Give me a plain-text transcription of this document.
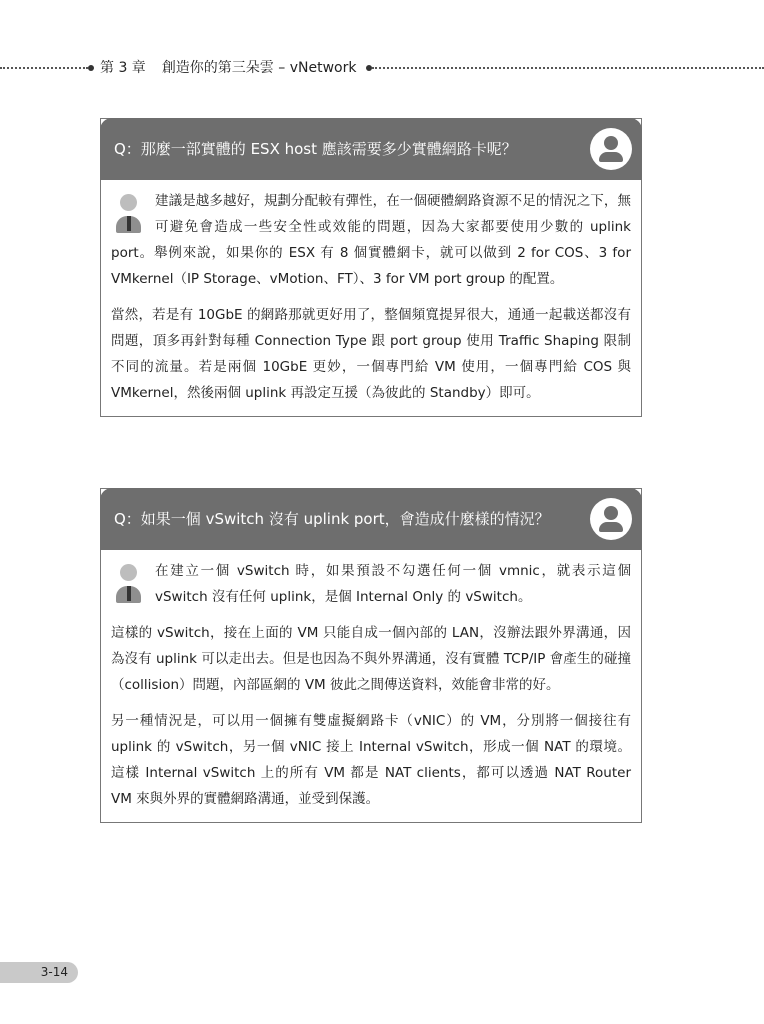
第 3 章 創造你的第三朵雲 – vNetwork
Q：那麼一部實體的 ESX host 應該需要多少實體網路卡呢？

建議是越多越好，規劃分配較有彈性，在一個硬體網路資源不足的情況之下，無可避免會造成一些安全性或效能的問題，因為大家都要使用少數的 uplink port。舉例來說，如果你的 ESX 有 8 個實體網卡，就可以做到 2 for COS、3 for VMkernel（IP Storage、vMotion、FT）、3 for VM port group 的配置。

當然，若是有 10GbE 的網路那就更好用了，整個頻寬提昇很大，通通一起載送都沒有問題，頂多再針對每種 Connection Type 跟 port group 使用 Traffic Shaping 限制不同的流量。若是兩個 10GbE 更妙，一個專門給 VM 使用，一個專門給 COS 與 VMkernel，然後兩個 uplink 再設定互援（為彼此的 Standby）即可。

Q：如果一個 vSwitch 沒有 uplink port，會造成什麼樣的情況？

在建立一個 vSwitch 時，如果預設不勾選任何一個 vmnic，就表示這個 vSwitch 沒有任何 uplink，是個 Internal Only 的 vSwitch。

這樣的 vSwitch，接在上面的 VM 只能自成一個內部的 LAN，沒辦法跟外界溝通，因為沒有 uplink 可以走出去。但是也因為不與外界溝通，沒有實體 TCP/IP 會產生的碰撞（collision）問題，內部區網的 VM 彼此之間傳送資料，效能會非常的好。

另一種情況是，可以用一個擁有雙虛擬網路卡（vNIC）的 VM，分別將一個接往有 uplink 的 vSwitch，另一個 vNIC 接上 Internal vSwitch，形成一個 NAT 的環境。這樣 Internal vSwitch 上的所有 VM 都是 NAT clients，都可以透過 NAT Router VM 來與外界的實體網路溝通，並受到保護。

3-14
